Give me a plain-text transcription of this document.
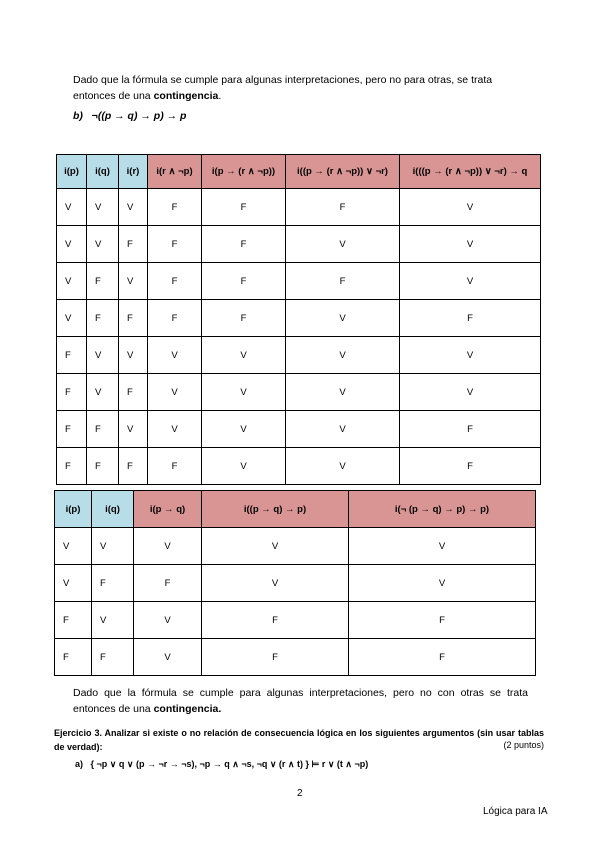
Dado que la fórmula se cumple para algunas interpretaciones, pero no para otras, se trata entonces de una contingencia.
b) ¬((p → q) → p) → p
i(p)	i(q)	i(r)	i(r ∧ ¬p)	i(p → (r ∧ ¬p))	i((p → (r ∧ ¬p)) ∨ ¬r)	i(((p → (r ∧ ¬p)) ∨ ¬r) → q
V	V	V	F	F	F	V
V	V	F	F	F	V	V
V	F	V	F	F	F	V
V	F	F	F	F	V	F
F	V	V	V	V	V	V
F	V	F	V	V	V	V
F	F	V	V	V	V	F
F	F	F	F	V	V	F
i(p)	i(q)	i(p → q)	i((p → q) → p)	i(¬ (p → q) → p) → p)
V	V	V	V	V
V	F	F	V	V
F	V	V	F	F
F	F	V	F	F
Dado que la fórmula se cumple para algunas interpretaciones, pero no con otras se trata entonces de una contingencia.
Ejercicio 3. Analizar si existe o no relación de consecuencia lógica en los siguientes argumentos (sin usar tablas de verdad):	(2 puntos)
a) { ¬p ∨ q ∨ (p → ¬r → ¬s), ¬p → q ∧ ¬s, ¬q ∨ (r ∧ t) } ⊨ r ∨ (t ∧ ¬p)
2
Lógica para IA
